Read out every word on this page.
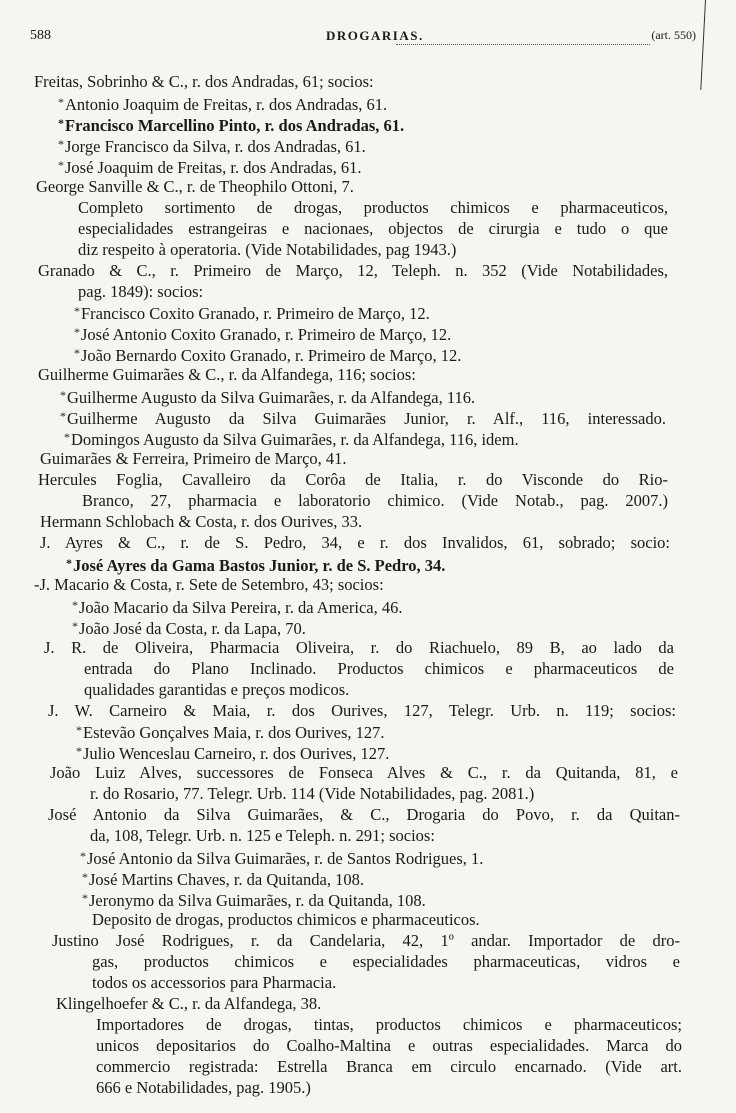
588	DROGARIAS.	(art. 550)
Freitas, Sobrinho & C., r. dos Andradas, 61; socios:
*Antonio Joaquim de Freitas, r. dos Andradas, 61.
*Francisco Marcellino Pinto, r. dos Andradas, 61.
*Jorge Francisco da Silva, r. dos Andradas, 61.
*José Joaquim de Freitas, r. dos Andradas, 61.
George Sanville & C., r. de Theophilo Ottoni, 7.
Completo sortimento de drogas, productos chimicos e pharmaceuticos,
especialidades estrangeiras e nacionaes, objectos de cirurgia e tudo o que
diz respeito à operatoria. (Vide Notabilidades, pag 1943.)
Granado & C., r. Primeiro de Março, 12, Teleph. n. 352 (Vide Notabilidades,
pag. 1849): socios:
*Francisco Coxito Granado, r. Primeiro de Março, 12.
*José Antonio Coxito Granado, r. Primeiro de Março, 12.
*João Bernardo Coxito Granado, r. Primeiro de Março, 12.
Guilherme Guimarães & C., r. da Alfandega, 116; socios:
*Guilherme Augusto da Silva Guimarães, r. da Alfandega, 116.
*Guilherme Augusto da Silva Guimarães Junior, r. Alf., 116, interessado.
*Domingos Augusto da Silva Guimarães, r. da Alfandega, 116, idem.
Guimarães & Ferreira, Primeiro de Março, 41.
Hercules Foglia, Cavalleiro da Corôa de Italia, r. do Visconde do Rio-
Branco, 27, pharmacia e laboratorio chimico. (Vide Notab., pag. 2007.)
Hermann Schlobach & Costa, r. dos Ourives, 33.
J. Ayres & C., r. de S. Pedro, 34, e r. dos Invalidos, 61, sobrado; socio:
*José Ayres da Gama Bastos Junior, r. de S. Pedro, 34.
-J. Macario & Costa, r. Sete de Setembro, 43; socios:
*João Macario da Silva Pereira, r. da America, 46.
*João José da Costa, r. da Lapa, 70.
J. R. de Oliveira, Pharmacia Oliveira, r. do Riachuelo, 89 B, ao lado da
entrada do Plano Inclinado. Productos chimicos e pharmaceuticos de
qualidades garantidas e preços modicos.
J. W. Carneiro & Maia, r. dos Ourives, 127, Telegr. Urb. n. 119; socios:
*Estevão Gonçalves Maia, r. dos Ourives, 127.
*Julio Wenceslau Carneiro, r. dos Ourives, 127.
João Luiz Alves, successores de Fonseca Alves & C., r. da Quitanda, 81, e
r. do Rosario, 77. Telegr. Urb. 114 (Vide Notabilidades, pag. 2081.)
José Antonio da Silva Guimarães, & C., Drogaria do Povo, r. da Quitan-
da, 108, Telegr. Urb. n. 125 e Teleph. n. 291; socios:
*José Antonio da Silva Guimarães, r. de Santos Rodrigues, 1.
*José Martins Chaves, r. da Quitanda, 108.
*Jeronymo da Silva Guimarães, r. da Quitanda, 108.
Deposito de drogas, productos chimicos e pharmaceuticos.
Justino José Rodrigues, r. da Candelaria, 42, 1º andar. Importador de dro-
gas, productos chimicos e especialidades pharmaceuticas, vidros e
todos os accessorios para Pharmacia.
Klingelhoefer & C., r. da Alfandega, 38.
Importadores de drogas, tintas, productos chimicos e pharmaceuticos;
unicos depositarios do Coalho-Maltina e outras especialidades. Marca do
commercio registrada: Estrella Branca em circulo encarnado. (Vide art.
666 e Notabilidades, pag. 1905.)
